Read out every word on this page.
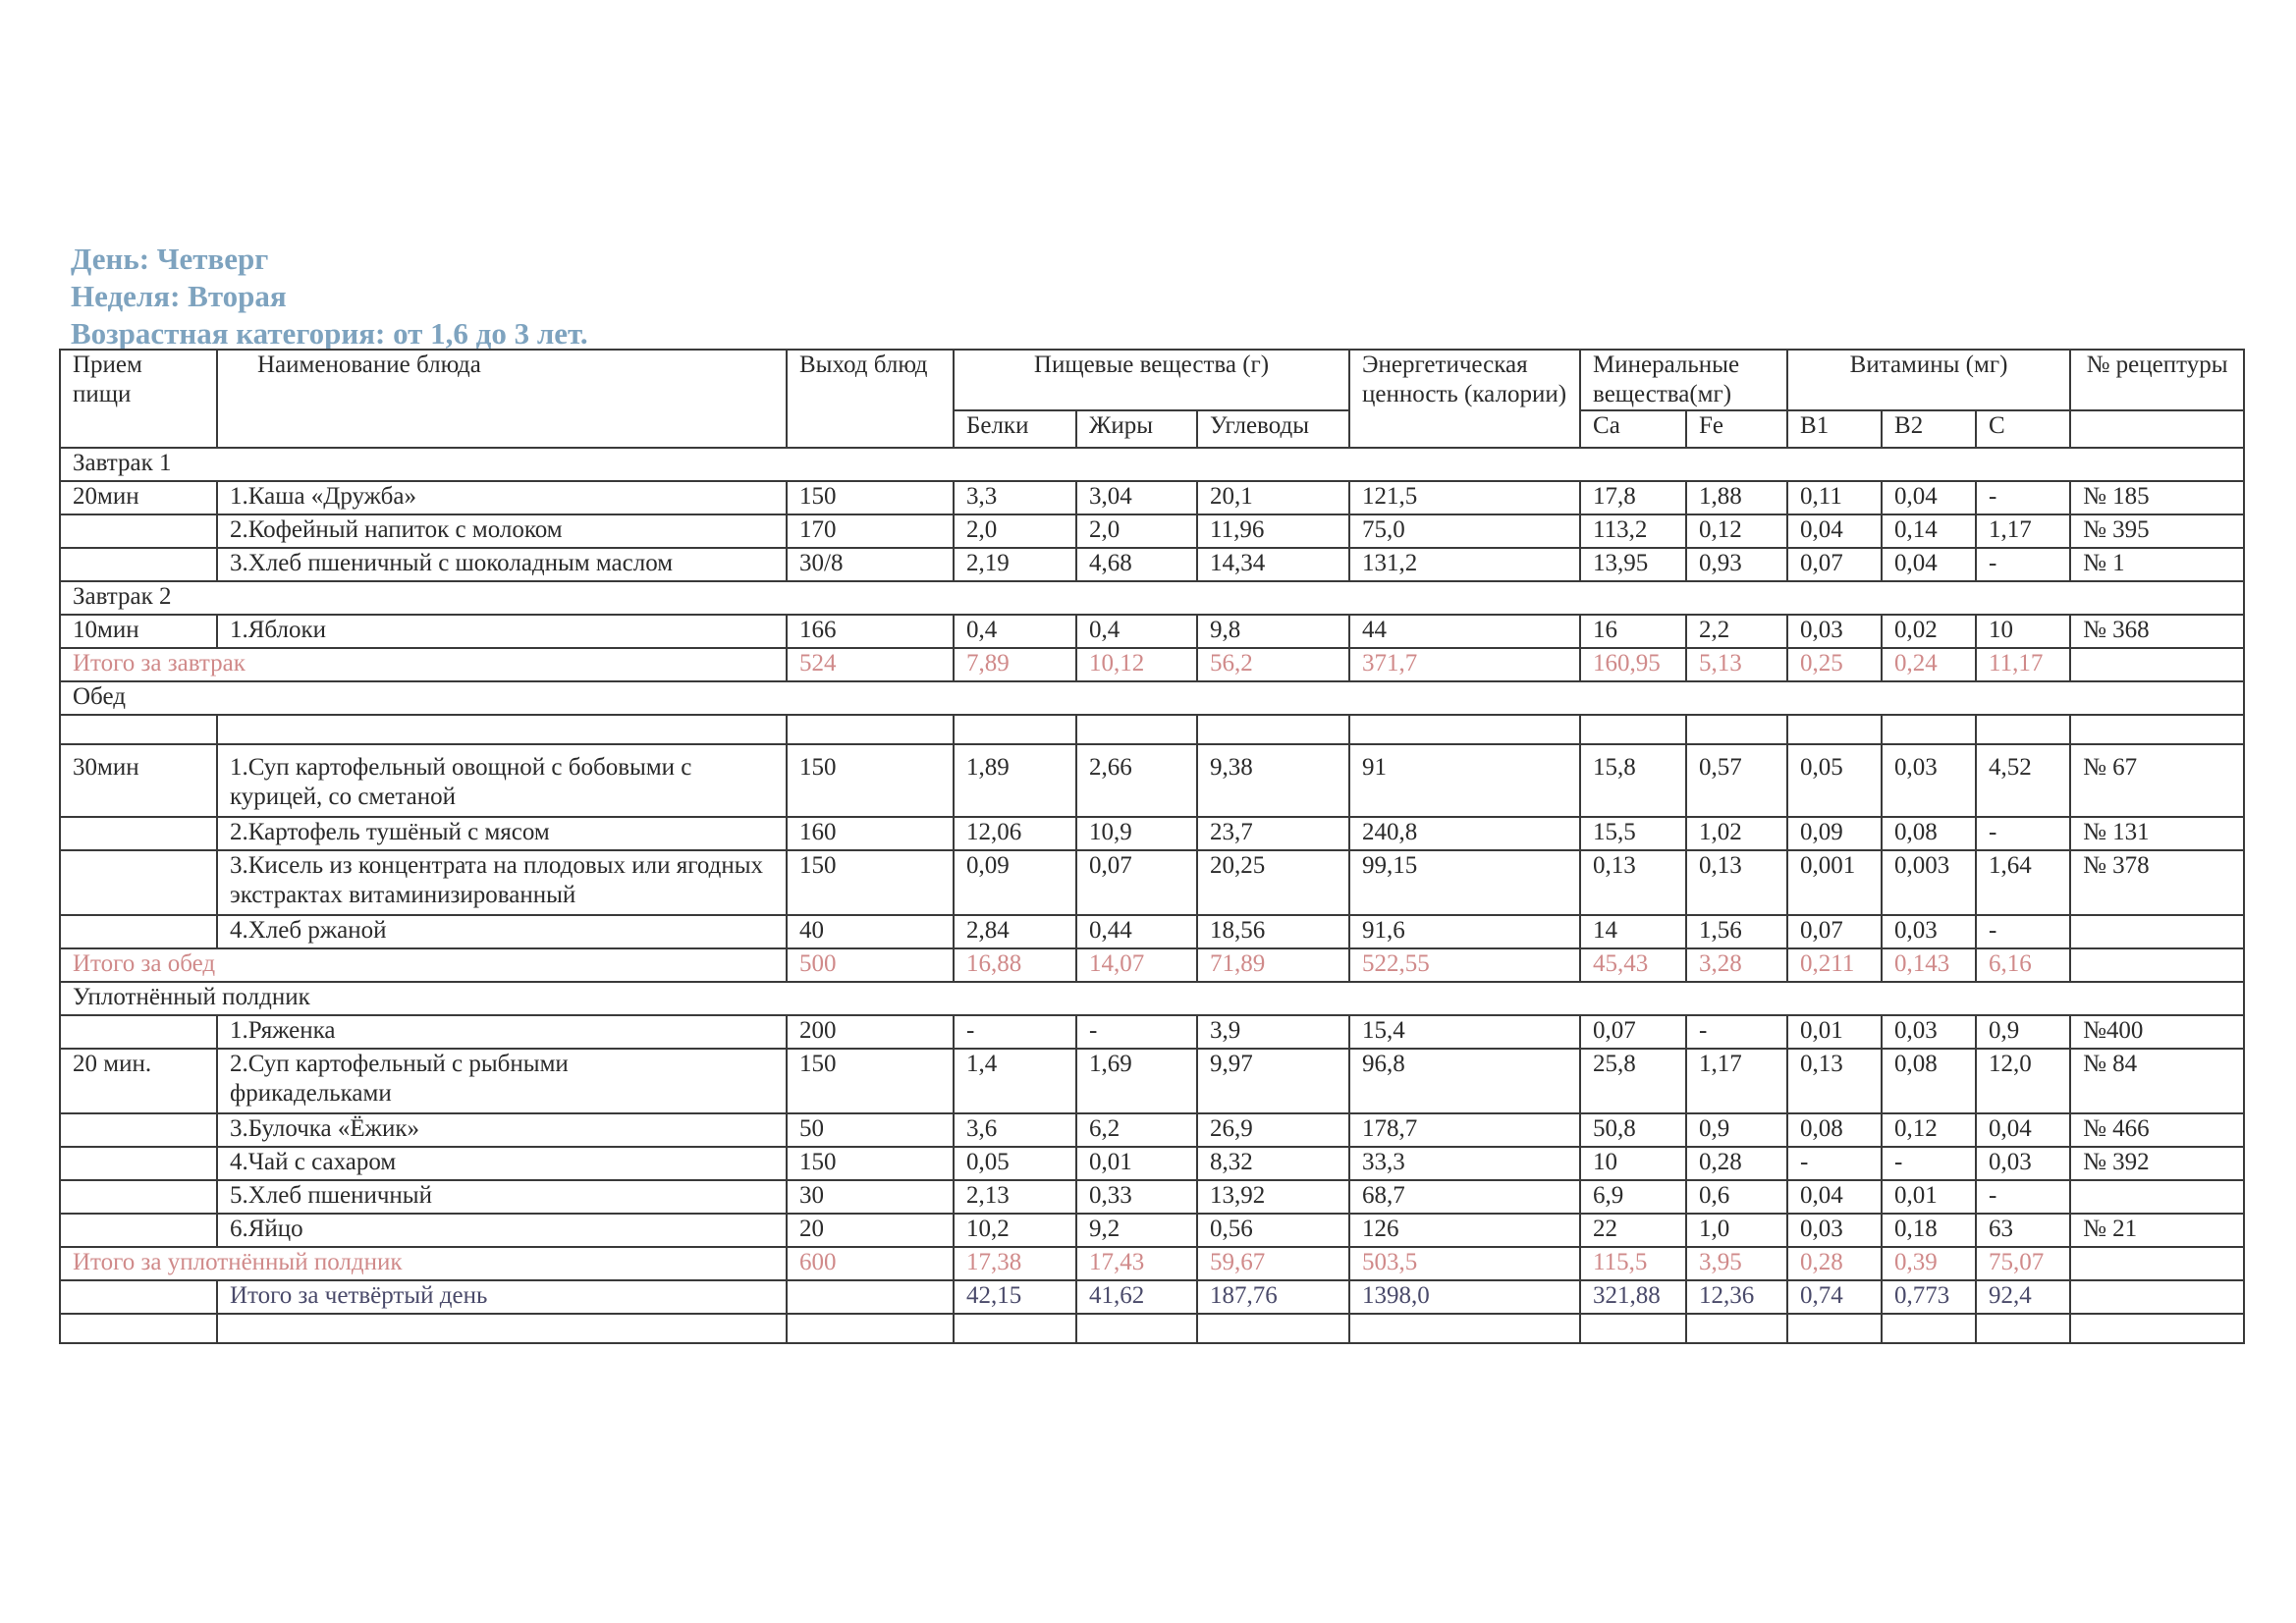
День: Четверг
Неделя: Вторая
Возрастная категория: от 1,6 до 3 лет.
Прием пищи	Наименование блюда	Выход блюд	Пищевые вещества (г)			Энергетическая ценность (калории)	Минеральные вещества(мг)		Витамины (мг)			№ рецептуры
			Белки	Жиры	Углеводы		Ca	Fe	B1	B2	C	
Завтрак 1												
20мин	1.Каша «Дружба»	150	3,3	3,04	20,1	121,5	17,8	1,88	0,11	0,04	-	№ 185
	2.Кофейный напиток с молоком	170	2,0	2,0	11,96	75,0	113,2	0,12	0,04	0,14	1,17	№ 395
	3.Хлеб пшеничный с шоколадным маслом	30/8	2,19	4,68	14,34	131,2	13,95	0,93	0,07	0,04	-	№ 1
Завтрак 2												
10мин	1.Яблоки	166	0,4	0,4	9,8	44	16	2,2	0,03	0,02	10	№ 368
Итого за завтрак		524	7,89	10,12	56,2	371,7	160,95	5,13	0,25	0,24	11,17	
Обед												

30мин	1.Суп картофельный овощной с бобовыми с курицей, со сметаной	150	1,89	2,66	9,38	91	15,8	0,57	0,05	0,03	4,52	№ 67
	2.Картофель тушёный с мясом	160	12,06	10,9	23,7	240,8	15,5	1,02	0,09	0,08	-	№ 131
	3.Кисель из концентрата на плодовых или ягодных экстрактах витаминизированный	150	0,09	0,07	20,25	99,15	0,13	0,13	0,001	0,003	1,64	№ 378
	4.Хлеб ржаной	40	2,84	0,44	18,56	91,6	14	1,56	0,07	0,03	-	
Итого за обед		500	16,88	14,07	71,89	522,55	45,43	3,28	0,211	0,143	6,16	
Уплотнённый полдник												
	1.Ряженка	200	-	-	3,9	15,4	0,07	-	0,01	0,03	0,9	№400
20 мин.	2.Суп картофельный с рыбными фрикадельками	150	1,4	1,69	9,97	96,8	25,8	1,17	0,13	0,08	12,0	№ 84
	3.Булочка «Ёжик»	50	3,6	6,2	26,9	178,7	50,8	0,9	0,08	0,12	0,04	№ 466
	4.Чай с сахаром	150	0,05	0,01	8,32	33,3	10	0,28	-	-	0,03	№ 392
	5.Хлеб пшеничный	30	2,13	0,33	13,92	68,7	6,9	0,6	0,04	0,01	-	
	6.Яйцо	20	10,2	9,2	0,56	126	22	1,0	0,03	0,18	63	№ 21
Итого за уплотнённый полдник		600	17,38	17,43	59,67	503,5	115,5	3,95	0,28	0,39	75,07	
	Итого за четвёртый день		42,15	41,62	187,76	1398,0	321,88	12,36	0,74	0,773	92,4	
